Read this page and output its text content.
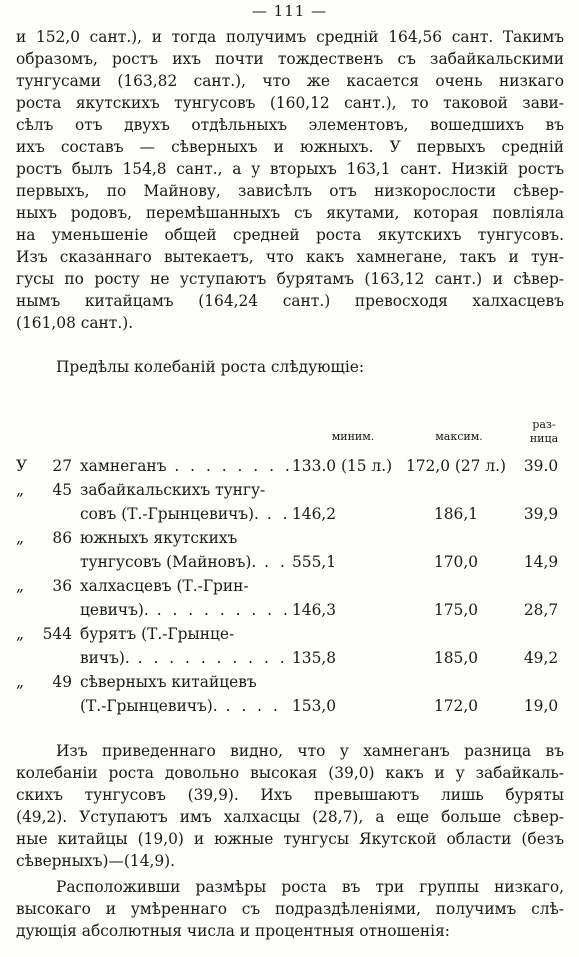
— 111 —
и 152,0 сант.), и тогда получимъ средній 164,56 сант. Такимъ
образомъ, ростъ ихъ почти тождественъ съ забайкальскими
тунгусами (163,82 сант.), что же касается очень низкаго
роста якутскихъ тунгусовъ (160,12 сант.), то таковой зави-
сѣлъ отъ двухъ отдѣльныхъ элементовъ, вошедшихъ въ
ихъ составъ — сѣверныхъ и южныхъ. У первыхъ средній
ростъ былъ 154,8 сант., а у вторыхъ 163,1 сант. Низкій ростъ
первыхъ, по Майнову, зависѣлъ отъ низкорослости сѣвер-
ныхъ родовъ, перемѣшанныхъ съ якутами, которая повліяла
на уменьшеніе общей средней роста якутскихъ тунгусовъ.
Изъ сказаннаго вытекаетъ, что какъ хамнегане, такъ и тун-
гусы по росту не уступаютъ бурятамъ (163,12 сант.) и сѣвер-
нымъ китайцамъ (164,24 сант.) превосходя халхасцевъ
(161,08 сант.).
Предѣлы колебаній роста слѣдующіе:
миним.	максим.
раз-
ница
У	27 хамнеганъ . . .	133.0 (15 л.) 172,0 (27 л.)	39.0
„	45 забайкальскихъ тунгу-
совъ (Т.-Грынцевичъ). . . .	146,2	186,1	39,9
„	86 южныхъ якутскихъ
тунгусовъ (Майновъ). . . .	555,1	170,0	14,9
„	36 халхасцевъ (Т.-Грин-
цевичъ). . . .	146,3	175,0	28,7
„	544 бурятъ (Т.-Грынце-
вичъ). . . .	135,8	185,0	49,2
„	49 сѣверныхъ китайцевъ
(Т.-Грынцевичъ). . . .	153,0	172,0	19,0
Изъ приведеннаго видно, что у хамнеганъ разница въ
колебаніи роста довольно высокая (39,0) какъ и у забайкаль-
скихъ тунгусовъ (39,9). Ихъ превышаютъ лишь буряты
(49,2). Уступаютъ имъ халхасцы (28,7), а еще больше сѣвер-
ные китайцы (19,0) и южные тунгусы Якутской области (безъ
сѣверныхъ)—(14,9).
Расположивши размѣры роста въ три группы низкаго,
высокаго и умѣреннаго съ подраздѣленіями, получимъ слѣ-
дующія абсолютныя числа и процентныя отношенія:
